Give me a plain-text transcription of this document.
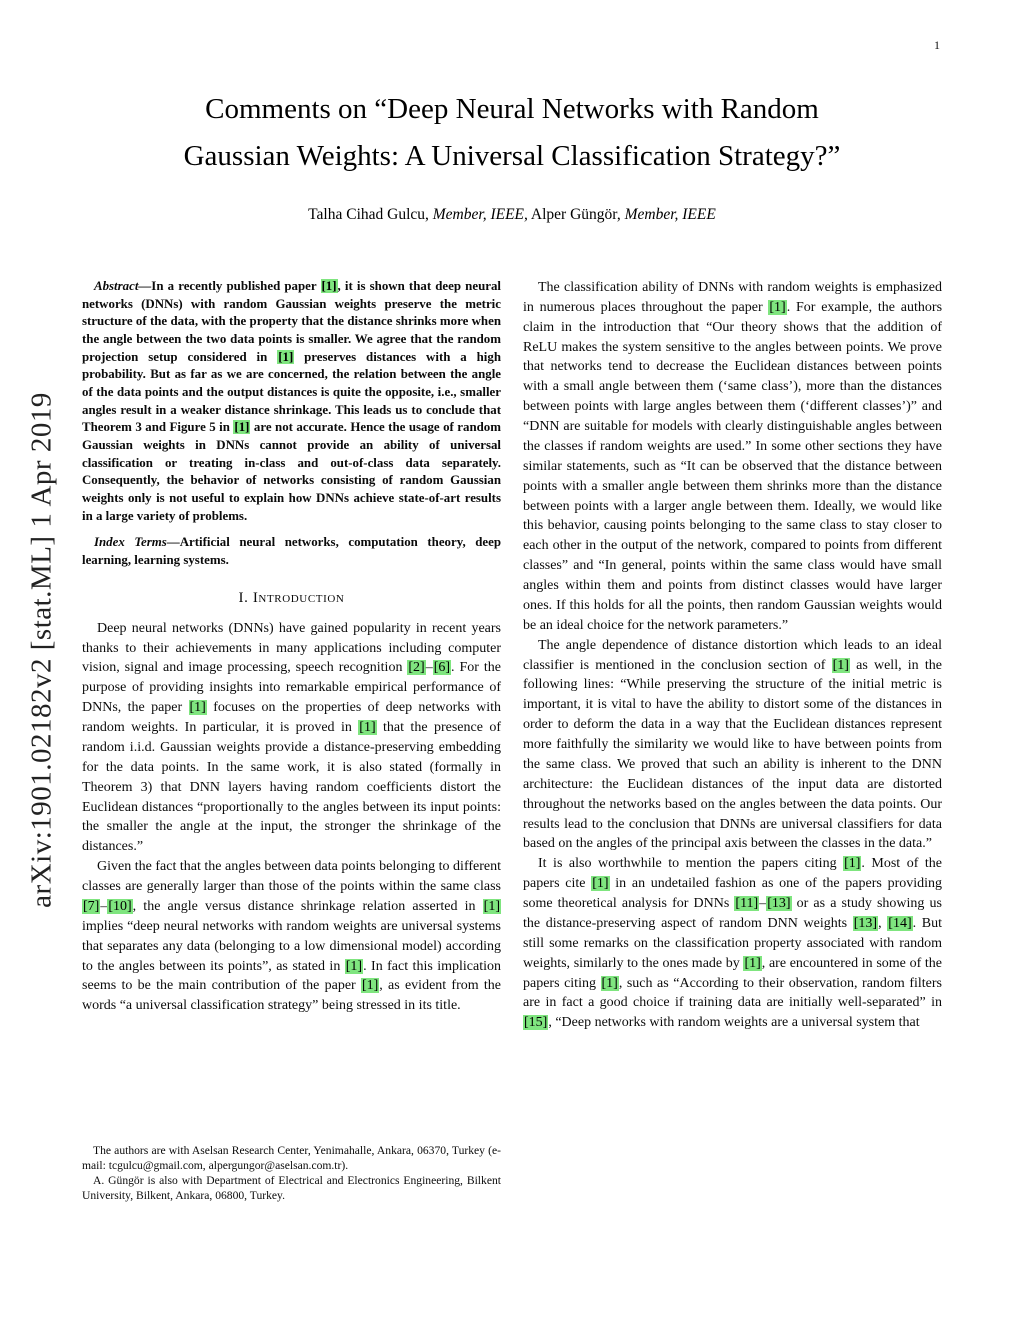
1
arXiv:1901.02182v2 [stat.ML] 1 Apr 2019
Comments on “Deep Neural Networks with Random Gaussian Weights: A Universal Classification Strategy?”
Talha Cihad Gulcu, Member, IEEE, Alper Güngör, Member, IEEE

Abstract—In a recently published paper [1], it is shown that deep neural networks (DNNs) with random Gaussian weights preserve the metric structure of the data, with the property that the distance shrinks more when the angle between the two data points is smaller. We agree that the random projection setup considered in [1] preserves distances with a high probability. But as far as we are concerned, the relation between the angle of the data points and the output distances is quite the opposite, i.e., smaller angles result in a weaker distance shrinkage. This leads us to conclude that Theorem 3 and Figure 5 in [1] are not accurate. Hence the usage of random Gaussian weights in DNNs cannot provide an ability of universal classification or treating in-class and out-of-class data separately. Consequently, the behavior of networks consisting of random Gaussian weights only is not useful to explain how DNNs achieve state-of-art results in a large variety of problems.

Index Terms—Artificial neural networks, computation theory, deep learning, learning systems.

I. Introduction

Deep neural networks (DNNs) have gained popularity in recent years thanks to their achievements in many applications including computer vision, signal and image processing, speech recognition [2]–[6]. For the purpose of providing insights into remarkable empirical performance of DNNs, the paper [1] focuses on the properties of deep networks with random weights. In particular, it is proved in [1] that the presence of random i.i.d. Gaussian weights provide a distance-preserving embedding for the data points. In the same work, it is also stated (formally in Theorem 3) that DNN layers having random coefficients distort the Euclidean distances “proportionally to the angles between its input points: the smaller the angle at the input, the stronger the shrinkage of the distances.”

Given the fact that the angles between data points belonging to different classes are generally larger than those of the points within the same class [7]–[10], the angle versus distance shrinkage relation asserted in [1] implies “deep neural networks with random weights are universal systems that separates any data (belonging to a low dimensional model) according to the angles between its points”, as stated in [1]. In fact this implication seems to be the main contribution of the paper [1], as evident from the words “a universal classification strategy” being stressed in its title.

The authors are with Aselsan Research Center, Yenimahalle, Ankara, 06370, Turkey (e-mail: tcgulcu@gmail.com, alpergungor@aselsan.com.tr).

A. Güngör is also with Department of Electrical and Electronics Engineering, Bilkent University, Bilkent, Ankara, 06800, Turkey.

The classification ability of DNNs with random weights is emphasized in numerous places throughout the paper [1]. For example, the authors claim in the introduction that “Our theory shows that the addition of ReLU makes the system sensitive to the angles between points. We prove that networks tend to decrease the Euclidean distances between points with a small angle between them (‘same class’), more than the distances between points with large angles between them (‘different classes’)” and “DNN are suitable for models with clearly distinguishable angles between the classes if random weights are used.” In some other sections they have similar statements, such as “It can be observed that the distance between points with a smaller angle between them shrinks more than the distance between points with a larger angle between them. Ideally, we would like this behavior, causing points belonging to the same class to stay closer to each other in the output of the network, compared to points from different classes” and “In general, points within the same class would have small angles within them and points from distinct classes would have larger ones. If this holds for all the points, then random Gaussian weights would be an ideal choice for the network parameters.”

The angle dependence of distance distortion which leads to an ideal classifier is mentioned in the conclusion section of [1] as well, in the following lines: “While preserving the structure of the initial metric is important, it is vital to have the ability to distort some of the distances in order to deform the data in a way that the Euclidean distances represent more faithfully the similarity we would like to have between points from the same class. We proved that such an ability is inherent to the DNN architecture: the Euclidean distances of the input data are distorted throughout the networks based on the angles between the data points. Our results lead to the conclusion that DNNs are universal classifiers for data based on the angles of the principal axis between the classes in the data.”

It is also worthwhile to mention the papers citing [1]. Most of the papers cite [1] in an undetailed fashion as one of the papers providing some theoretical analysis for DNNs [11]–[13] or as a study showing us the distance-preserving aspect of random DNN weights [13], [14]. But still some remarks on the classification property associated with random weights, similarly to the ones made by [1], are encountered in some of the papers citing [1], such as “According to their observation, random filters are in fact a good choice if training data are initially well-separated” in [15], “Deep networks with random weights are a universal system that
